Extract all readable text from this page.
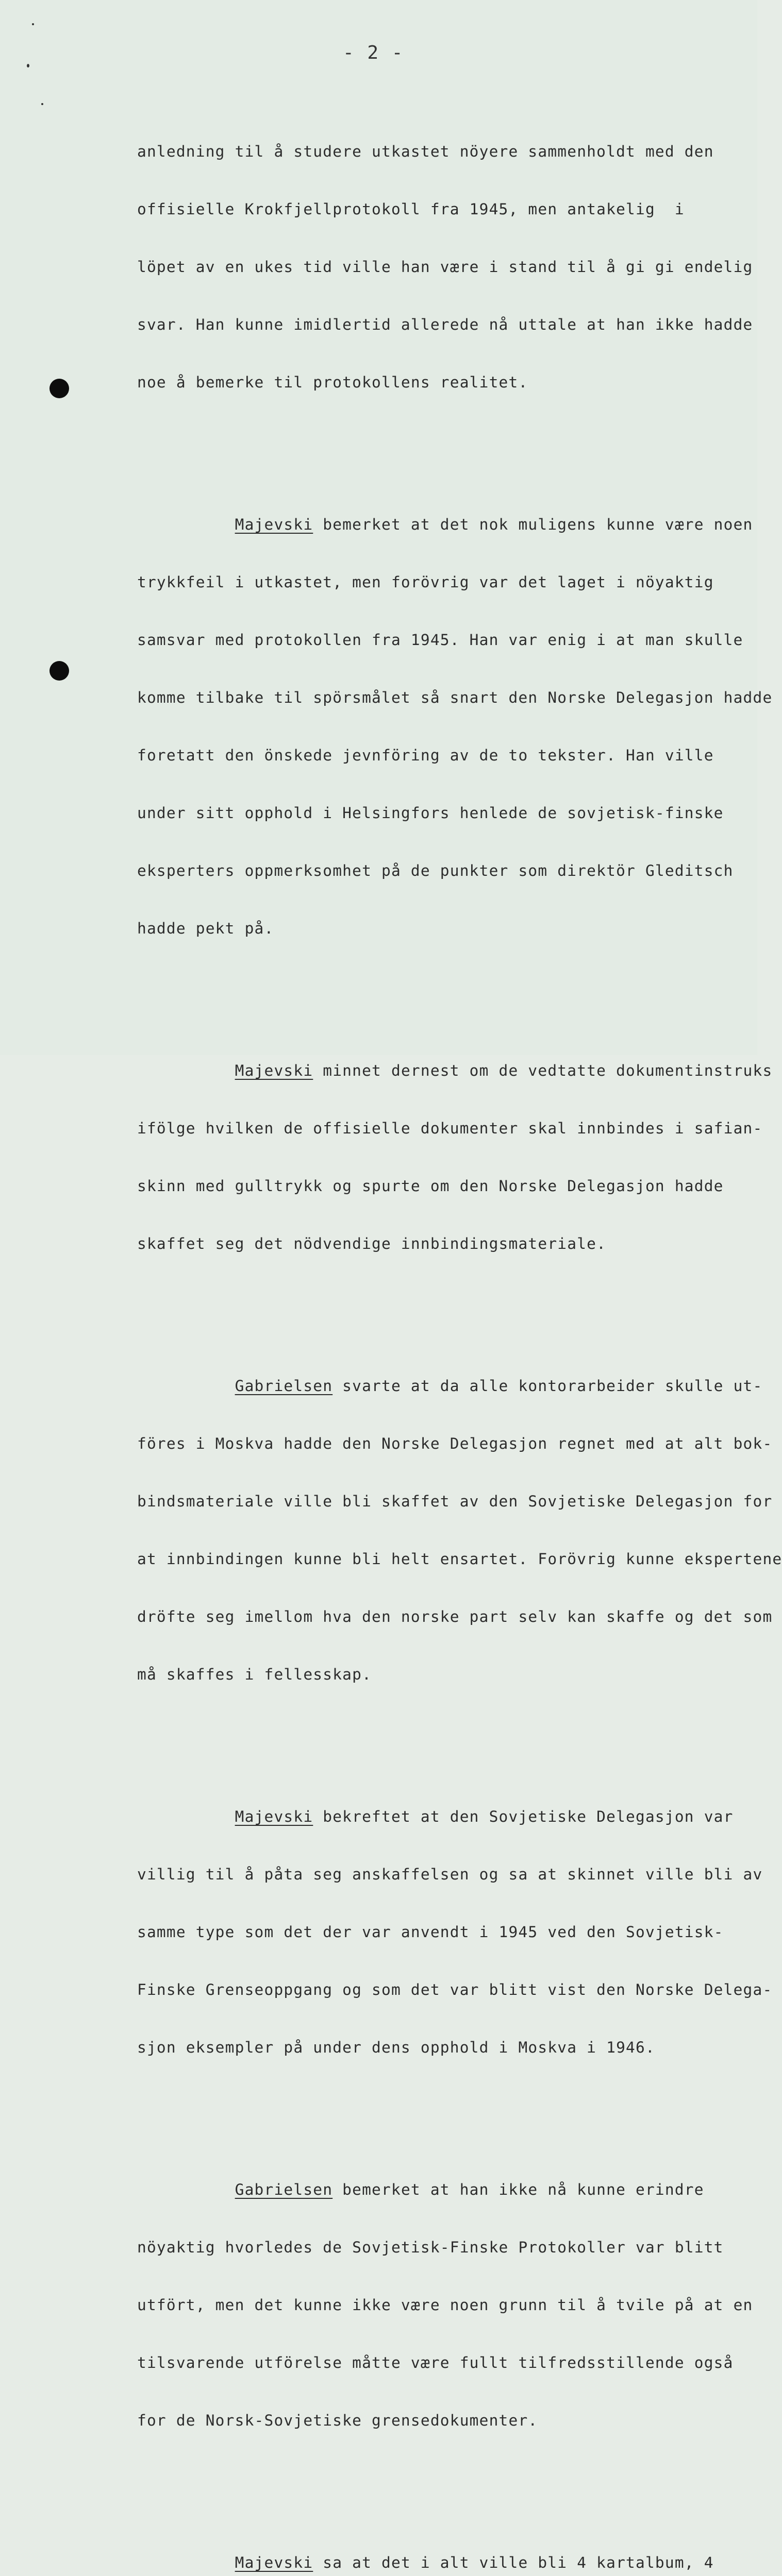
- 2 -

anledning til å studere utkastet nöyere sammenholdt med den

offisielle Krokfjellprotokoll fra 1945, men antakelig  i

löpet av en ukes tid ville han være i stand til å gi gi endelig

svar. Han kunne imidlertid allerede nå uttale at han ikke hadde

noe å bemerke til protokollens realitet.

Majevski bemerket at det nok muligens kunne være noen

trykkfeil i utkastet, men forövrig var det laget i nöyaktig

samsvar med protokollen fra 1945. Han var enig i at man skulle

komme tilbake til spörsmålet så snart den Norske Delegasjon hadde

foretatt den önskede jevnföring av de to tekster. Han ville

under sitt opphold i Helsingfors henlede de sovjetisk-finske

eksperters oppmerksomhet på de punkter som direktör Gleditsch

hadde pekt på.

Majevski minnet dernest om de vedtatte dokumentinstruks

ifölge hvilken de offisielle dokumenter skal innbindes i safian-

skinn med gulltrykk og spurte om den Norske Delegasjon hadde

skaffet seg det nödvendige innbindingsmateriale.

Gabrielsen svarte at da alle kontorarbeider skulle ut-

föres i Moskva hadde den Norske Delegasjon regnet med at alt bok-

bindsmateriale ville bli skaffet av den Sovjetiske Delegasjon for

at innbindingen kunne bli helt ensartet. Forövrig kunne ekspertene

dröfte seg imellom hva den norske part selv kan skaffe og det som

må skaffes i fellesskap.

Majevski bekreftet at den Sovjetiske Delegasjon var

villig til å påta seg anskaffelsen og sa at skinnet ville bli av

samme type som det der var anvendt i 1945 ved den Sovjetisk-

Finske Grenseoppgang og som det var blitt vist den Norske Delega-

sjon eksempler på under dens opphold i Moskva i 1946.

Gabrielsen bemerket at han ikke nå kunne erindre

nöyaktig hvorledes de Sovjetisk-Finske Protokoller var blitt

utfört, men det kunne ikke være noen grunn til å tvile på at en

tilsvarende utförelse måtte være fullt tilfredsstillende også

for de Norsk-Sovjetiske grensedokumenter.

Majevski sa at det i alt ville bli 4 kartalbum, 4
